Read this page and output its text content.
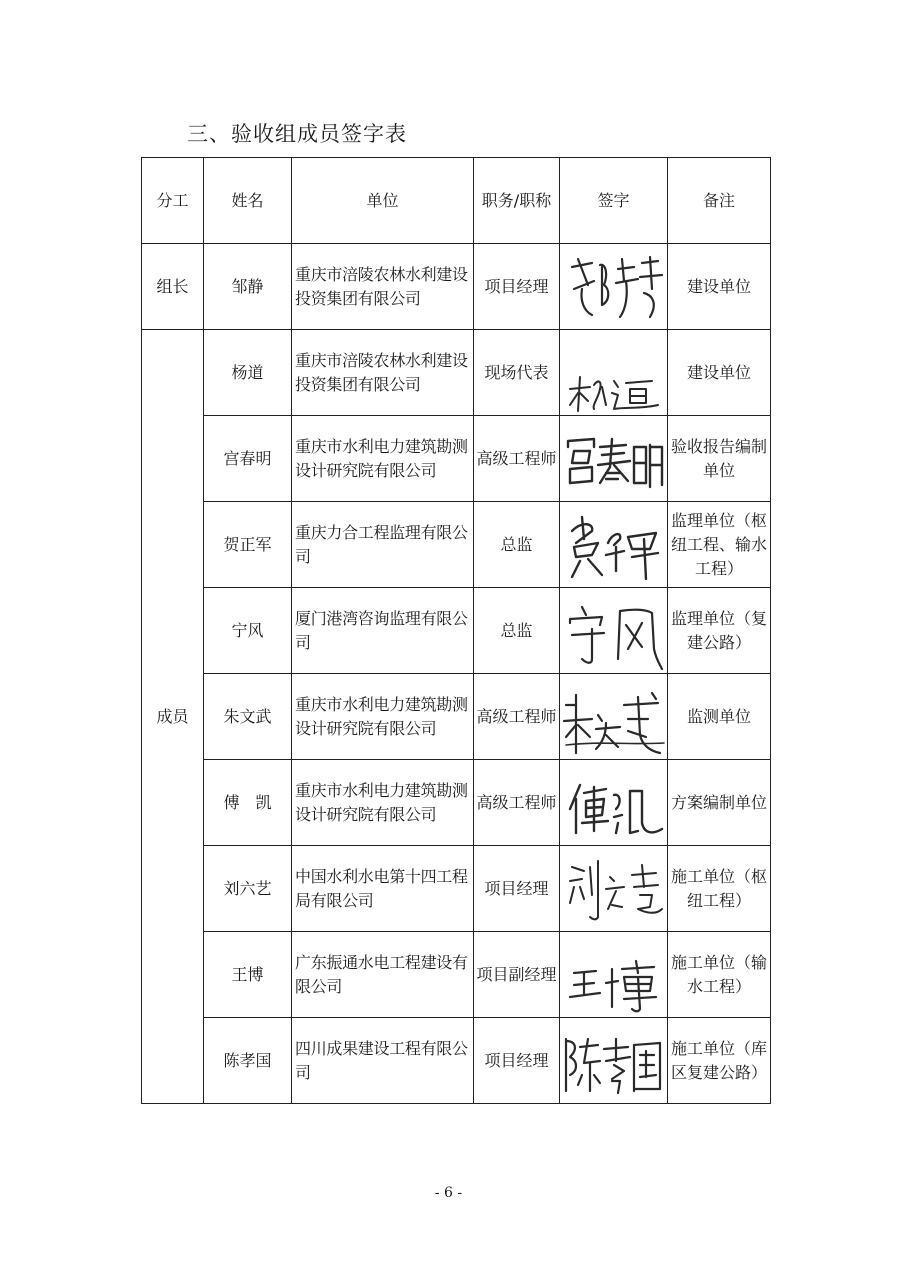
三、验收组成员签字表
分工	姓名	单位	职务/职称	签字	备注
组长	邹静	重庆市涪陵农林水利建设投资集团有限公司	项目经理		建设单位
成员	杨道	重庆市涪陵农林水利建设投资集团有限公司	现场代表		建设单位
	宫春明	重庆市水利电力建筑勘测设计研究院有限公司	高级工程师		验收报告编制单位
	贺正军	重庆力合工程监理有限公司	总监		监理单位（枢纽工程、输水工程）
	宁风	厦门港湾咨询监理有限公司	总监		监理单位（复建公路）
	朱文武	重庆市水利电力建筑勘测设计研究院有限公司	高级工程师		监测单位
	傅　凯	重庆市水利电力建筑勘测设计研究院有限公司	高级工程师		方案编制单位
	刘六艺	中国水利水电第十四工程局有限公司	项目经理		施工单位（枢纽工程）
	王博	广东振通水电工程建设有限公司	项目副经理		施工单位（输水工程）
	陈孝国	四川成果建设工程有限公司	项目经理		施工单位（库区复建公路）
- 6 -
